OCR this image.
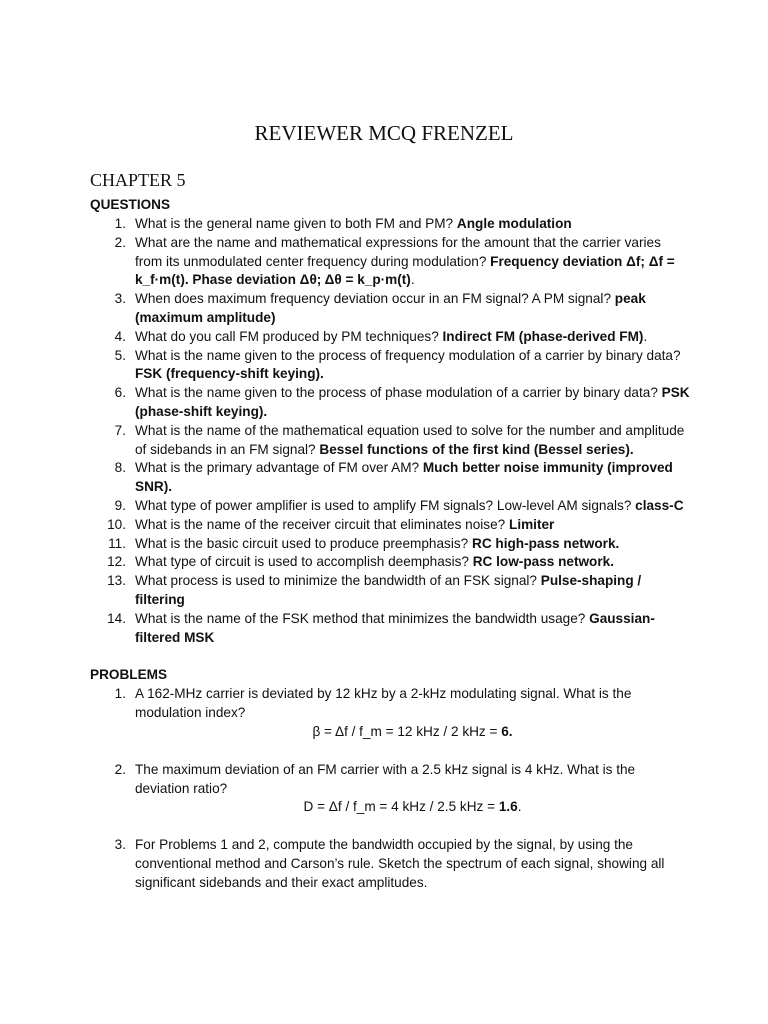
REVIEWER MCQ FRENZEL
CHAPTER 5
QUESTIONS
1. What is the general name given to both FM and PM? Angle modulation
2. What are the name and mathematical expressions for the amount that the carrier varies from its unmodulated center frequency during modulation? Frequency deviation Δf; Δf = k_f·m(t). Phase deviation Δθ; Δθ = k_p·m(t).
3. When does maximum frequency deviation occur in an FM signal? A PM signal? peak (maximum amplitude)
4. What do you call FM produced by PM techniques? Indirect FM (phase-derived FM).
5. What is the name given to the process of frequency modulation of a carrier by binary data?FSK (frequency-shift keying).
6. What is the name given to the process of phase modulation of a carrier by binary data? PSK (phase-shift keying).
7. What is the name of the mathematical equation used to solve for the number and amplitude of sidebands in an FM signal? Bessel functions of the first kind (Bessel series).
8. What is the primary advantage of FM over AM? Much better noise immunity (improved SNR).
9. What type of power amplifier is used to amplify FM signals? Low-level AM signals? class-C
10. What is the name of the receiver circuit that eliminates noise? Limiter
11. What is the basic circuit used to produce preemphasis? RC high-pass network.
12. What type of circuit is used to accomplish deemphasis? RC low-pass network.
13. What process is used to minimize the bandwidth of an FSK signal? Pulse-shaping / filtering
14. What is the name of the FSK method that minimizes the bandwidth usage? Gaussian-filtered MSK
PROBLEMS
1. A 162-MHz carrier is deviated by 12 kHz by a 2-kHz modulating signal. What is the modulation index?
β = Δf / f_m = 12 kHz / 2 kHz = 6.
2. The maximum deviation of an FM carrier with a 2.5 kHz signal is 4 kHz. What is the deviation ratio?
D = Δf / f_m = 4 kHz / 2.5 kHz = 1.6.
3. For Problems 1 and 2, compute the bandwidth occupied by the signal, by using the conventional method and Carson’s rule. Sketch the spectrum of each signal, showing all significant sidebands and their exact amplitudes.
